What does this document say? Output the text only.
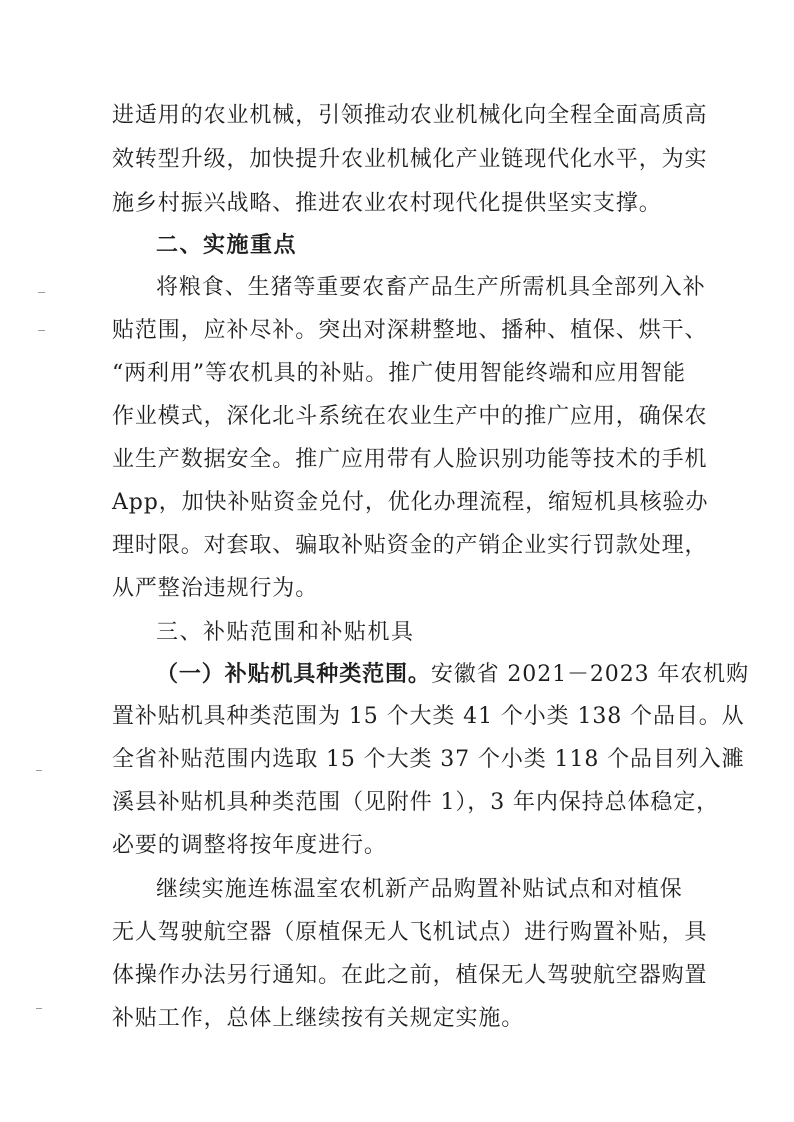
进适用的农业机械，引领推动农业机械化向全程全面高质高
效转型升级，加快提升农业机械化产业链现代化水平，为实
施乡村振兴战略、推进农业农村现代化提供坚实支撑。
二、实施重点
将粮食、生猪等重要农畜产品生产所需机具全部列入补
贴范围，应补尽补。突出对深耕整地、播种、植保、烘干、
“两利用”等农机具的补贴。推广使用智能终端和应用智能
作业模式，深化北斗系统在农业生产中的推广应用，确保农
业生产数据安全。推广应用带有人脸识别功能等技术的手机
App，加快补贴资金兑付，优化办理流程，缩短机具核验办
理时限。对套取、骗取补贴资金的产销企业实行罚款处理，
从严整治违规行为。
三、补贴范围和补贴机具
（一）补贴机具种类范围。安徽省 2021－2023 年农机购
置补贴机具种类范围为 15 个大类 41 个小类 138 个品目。从
全省补贴范围内选取 15 个大类 37 个小类 118 个品目列入濉
溪县补贴机具种类范围（见附件 1），3 年内保持总体稳定，
必要的调整将按年度进行。
继续实施连栋温室农机新产品购置补贴试点和对植保
无人驾驶航空器（原植保无人飞机试点）进行购置补贴，具
体操作办法另行通知。在此之前，植保无人驾驶航空器购置
补贴工作，总体上继续按有关规定实施。
